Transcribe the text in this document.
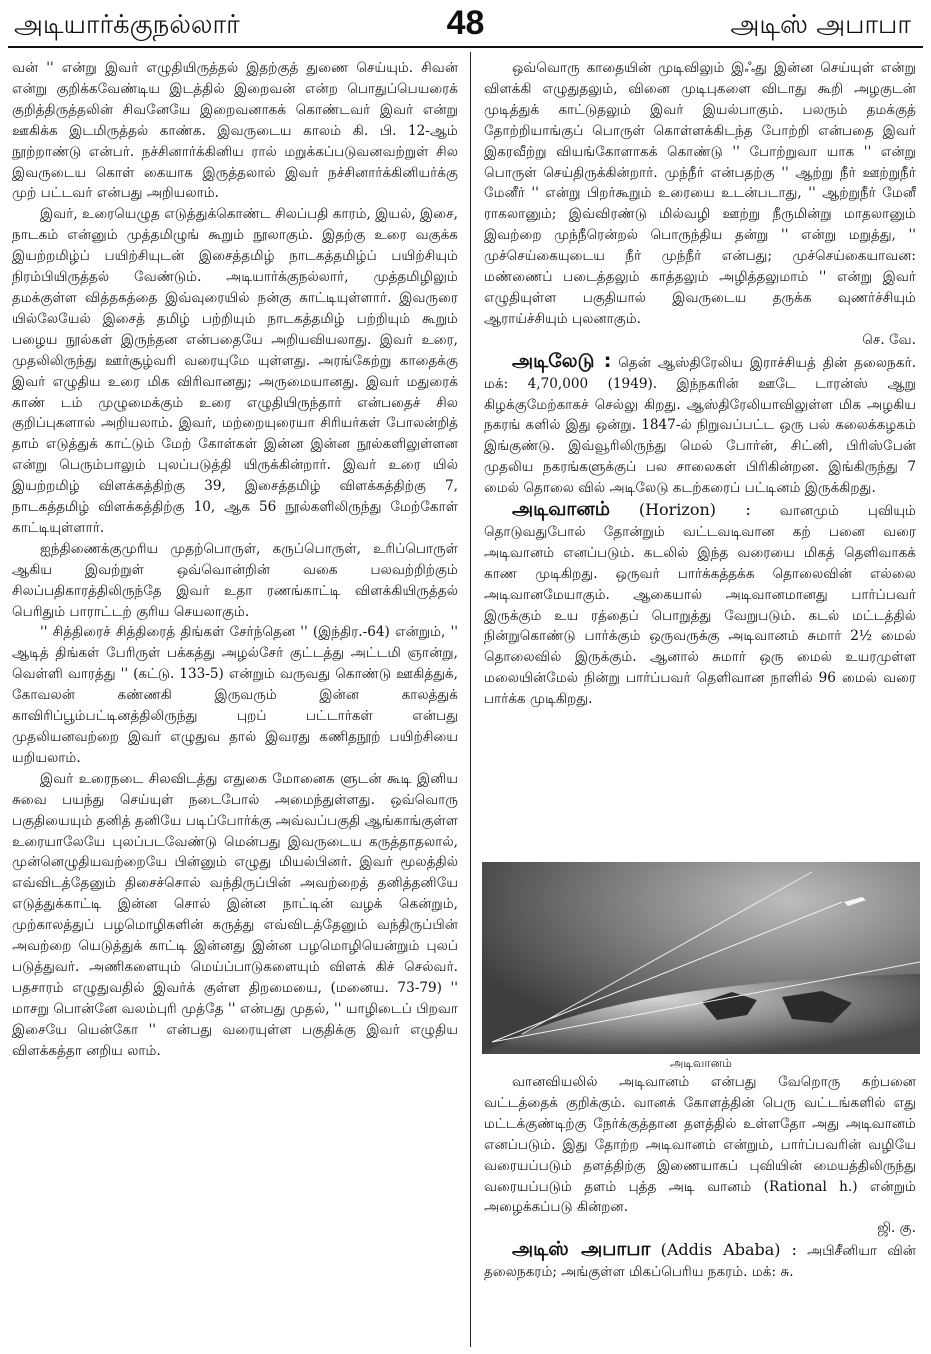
அடியார்க்குநல்லார்	48	அடிஸ் அபாபா

வன் '' என்று இவர் எழுதியிருத்தல் இதற்குத் துணை செய்யும். சிவன் என்று குறிக்கவேண்டிய இடத்தில் இறைவன் என்ற பொதுப்பெயரைக் குறித்திருத்தலின் சிவனேயே இறைவனாகக் கொண்டவர் இவர் என்று ஊகிக்க இடமிருத்தல் காண்க. இவருடைய காலம் கி. பி. 12-ஆம் நூற்றாண்டு என்பர். நச்சினார்க்கினிய ரால் மறுக்கப்படுவனவற்றுள் சில இவருடைய கொள் கையாக இருத்தலால் இவர் நச்சினார்க்கினியர்க்கு முற் பட்டவர் என்பது அறியலாம்.

இவர், உரையெழுத எடுத்துக்கொண்ட சிலப்பதி காரம், இயல், இசை, நாடகம் என்னும் முத்தமிழுங் கூறும் நூலாகும். இதற்கு உரை வகுக்க இயற்றமிழ்ப் பயிற்சியுடன் இசைத்தமிழ் நாடகத்தமிழ்ப் பயிற்சியும் நிரம்பியிருத்தல் வேண்டும். அடியார்க்குநல்லார், முத்தமிழிலும் தமக்குள்ள வித்தகத்தை இவ்வுரையில் நன்கு காட்டியுள்ளார். இவருரை யில்லேயேல் இசைத் தமிழ் பற்றியும் நாடகத்தமிழ் பற்றியும் கூறும் பழைய நூல்கள் இருந்தன என்பதையே அறியவியலாது. இவர் உரை, முதலிலிருந்து ஊர்சூழ்வரி வரையுமே யுள்ளது. அரங்கேற்று காதைக்கு இவர் எழுதிய உரை மிக விரிவானது; அருமையானது. இவர் மதுரைக் காண் டம் முழுமைக்கும் உரை எழுதியிருந்தார் என்பதைச் சில குறிப்புகளால் அறியலாம். இவர், மற்றையுரையா சிரியர்கள் போலன்றித் தாம் எடுத்துக் காட்டும் மேற் கோள்கள் இன்ன இன்ன நூல்களிலுள்ளன என்று பெரும்பாலும் புலப்படுத்தி யிருக்கின்றார். இவர் உரை யில் இயற்றமிழ் விளக்கத்திற்கு 39, இசைத்தமிழ் விளக்கத்திற்கு 7, நாடகத்தமிழ் விளக்கத்திற்கு 10, ஆக 56 நூல்களிலிருந்து மேற்கோள் காட்டியுள்ளார்.

ஐந்திணைக்குமுரிய முதற்பொருள், கருப்பொருள், உரிப்பொருள் ஆகிய இவற்றுள் ஒவ்வொன்றின் வகை பலவற்றிற்கும் சிலப்பதிகாரத்திலிருந்தே இவர் உதா ரணங்காட்டி விளக்கியிருத்தல் பெரிதும் பாராட்டற் குரிய செயலாகும்.

'' சித்திரைச் சித்திரைத் திங்கள் சேர்ந்தென '' (இந்திர.-64) என்றும், '' ஆடித் திங்கள் பேரிருள் பக்கத்து அழல்சேர் குட்டத்து அட்டமி ஞான்று, வெள்ளி வாரத்து '' (கட்டு. 133-5) என்றும் வருவது கொண்டு ஊகித்துக், கோவலன் கண்ணகி இருவரும் இன்ன காலத்துக் காவிரிப்பூம்பட்டினத்திலிருந்து புறப் பட்டார்கள் என்பது முதலியனவற்றை இவர் எழுதுவ தால் இவரது கணிதநூற் பயிற்சியை யறியலாம்.

இவர் உரைநடை சிலவிடத்து எதுகை மோனைக ளுடன் கூடி இனிய சுவை பயந்து செய்யுள் நடைபோல் அமைந்துள்ளது. ஒவ்வொரு பகுதியையும் தனித் தனியே படிப்போர்க்கு அவ்வப்பகுதி ஆங்காங்குள்ள உரையாலேயே புலப்படவேண்டு மென்பது இவருடைய கருத்தாதலால், முன்னெழுதியவற்றையே பின்னும் எழுது மியல்பினர். இவர் மூலத்தில் எவ்விடத்தேனும் திசைச்சொல் வந்திருப்பின் அவற்றைத் தனித்தனியே எடுத்துக்காட்டி இன்ன சொல் இன்ன நாட்டின் வழக் கென்றும், முற்காலத்துப் பழமொழிகளின் கருத்து எவ்விடத்தேனும் வந்திருப்பின் அவற்றை யெடுத்துக் காட்டி இன்னது இன்ன பழமொழியென்றும் புலப் படுத்துவர். அணிகளையும் மெய்ப்பாடுகளையும் விளக் கிச் செல்வர். பதசாரம் எழுதுவதில் இவர்க் குள்ள திறமையை, (மனைய. 73-79) '' மாசறு பொன்னே வலம்புரி முத்தே '' என்பது முதல், '' யாழிடைப் பிறவா இசையே யென்கோ '' என்பது வரையுள்ள பகுதிக்கு இவர் எழுதிய விளக்கத்தா னறிய லாம்.

ஒவ்வொரு காதையின் முடிவிலும் இஃது இன்ன செய்யுள் என்று விளக்கி எழுதுதலும், வினை முடிபுகளை விடாது கூறி அழகுடன் முடித்துக் காட்டுதலும் இவர் இயல்பாகும். பலரும் தமக்குத் தோற்றியாங்குப் பொருள் கொள்ளக்கிடந்த போற்றி என்பதை இவர் இகரவீற்று வியங்கோளாகக் கொண்டு '' போற்றுவா யாக '' என்று பொருள் செய்திருக்கின்றார். முந்நீர் என்பதற்கு '' ஆற்று நீர் ஊற்றுநீர் மேனீர் '' என்று பிறர்கூறும் உரையை உடன்படாது, '' ஆற்றுநீர் மேனீ ராகலானும்; இவ்விரண்டு மில்வழி ஊற்று நீருமின்று மாதலானும் இவற்றை முந்நீரென்றல் பொருந்திய தன்று '' என்று மறுத்து, '' முச்செய்கையுடைய நீர் முந்நீர் என்பது; முச்செய்கையாவன: மண்ணைப் படைத்தலும் காத்தலும் அழித்தலுமாம் '' என்று இவர் எழுதியுள்ள பகுதியால் இவருடைய தருக்க வுணர்ச்சியும் ஆராய்ச்சியும் புலனாகும்.

செ. வே.

அடிலேடு : தென் ஆஸ்திரேலிய இராச்சியத் தின் தலைநகர். மக்: 4,70,000 (1949). இந்நகரின் ஊடே டாரன்ஸ் ஆறு கிழக்குமேற்காகச் செல்லு கிறது. ஆஸ்திரேலியாவிலுள்ள மிக அழகிய நகரங் களில் இது ஒன்று. 1847-ல் நிறுவப்பட்ட ஒரு பல் கலைக்கழகம் இங்குண்டு. இவ்வூரிலிருந்து மெல் போர்ன், சிட்னி, பிரிஸ்பேன் முதலிய நகரங்களுக்குப் பல சாலைகள் பிரிகின்றன. இங்கிருந்து 7 மைல் தொலை வில் அடிலேடு கடற்கரைப் பட்டினம் இருக்கிறது.

அடிவானம் (Horizon) : வானமும் புவியும் தொடுவதுபோல் தோன்றும் வட்டவடிவான கற் பனை வரை அடிவானம் எனப்படும். கடலில் இந்த வரையை மிகத் தெளிவாகக் காண முடிகிறது. ஒருவர் பார்க்கத்தக்க தொலைவின் எல்லை அடிவானமேயாகும். ஆகையால் அடிவானமானது பார்ப்பவர் இருக்கும் உய ரத்தைப் பொறுத்து வேறுபடும். கடல் மட்டத்தில் நின்றுகொண்டு பார்க்கும் ஒருவருக்கு அடிவானம் சுமார் 2½ மைல் தொலைவில் இருக்கும். ஆனால் சுமார் ஒரு மைல் உயரமுள்ள மலையின்மேல் நின்று பார்ப்பவர் தெளிவான நாளில் 96 மைல் வரை பார்க்க முடிகிறது.

அடிவானம்

வானவியலில் அடிவானம் என்பது வேறொரு கற்பனை வட்டத்தைக் குறிக்கும். வானக் கோளத்தின் பெரு வட்டங்களில் எது மட்டக்குண்டிற்கு நேர்க்குத்தான தளத்தில் உள்ளதோ அது அடிவானம் எனப்படும். இது தோற்ற அடிவானம் என்றும், பார்ப்பவரின் வழியே வரையப்படும் தளத்திற்கு இணையாகப் புவியின் மையத்திலிருந்து வரையப்படும் தளம் புத்த அடி வானம் (Rational h.) என்றும் அழைக்கப்படு கின்றன.

ஜி. கு.

அடிஸ் அபாபா (Addis Ababa) : அபிசீனியா வின் தலைநகரம்; அங்குள்ள மிகப்பெரிய நகரம். மக்: சு.
